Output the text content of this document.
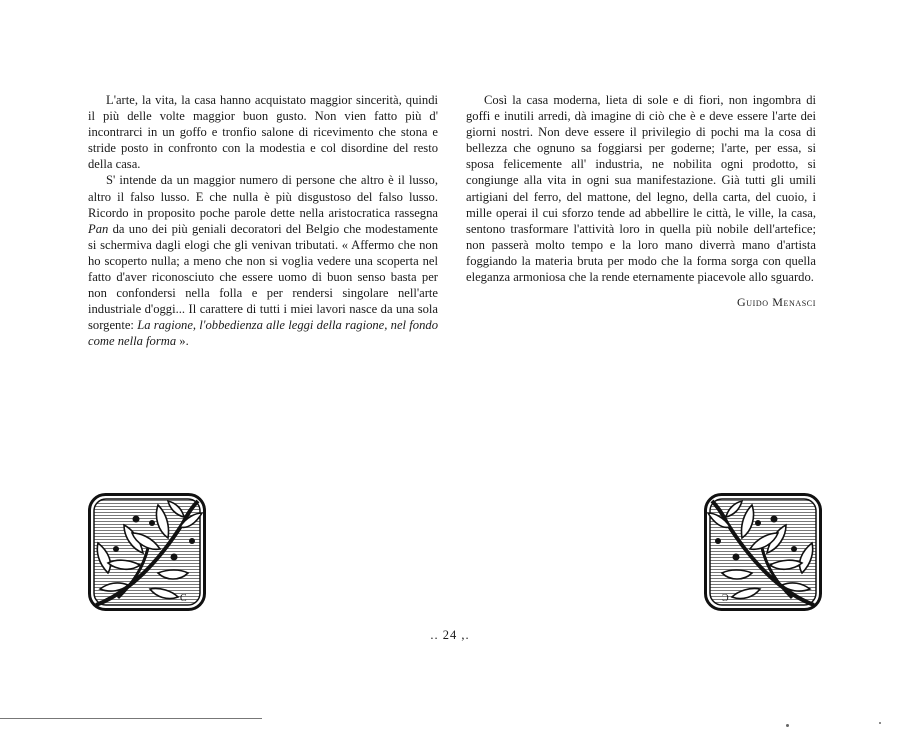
L'arte, la vita, la casa hanno acquistato maggior sincerità, quindi il più delle volte maggior buon gusto. Non vien fatto più d' incontrarci in un goffo e tronfio salone di ricevimento che stona e stride posto in confronto con la modestia e col disordine del resto della casa.

S' intende da un maggior numero di persone che altro è il lusso, altro il falso lusso. E che nulla è più disgustoso del falso lusso. Ricordo in proposito poche parole dette nella aristocratica rassegna Pan da uno dei più geniali decoratori del Belgio che modestamente si schermiva dagli elogi che gli venivan tributati. « Affermo che non ho scoperto nulla; a meno che non si voglia vedere una scoperta nel fatto d'aver riconosciuto che essere uomo di buon senso basta per non confondersi nella folla e per rendersi singolare nell'arte industriale d'oggi... Il carattere di tutti i miei lavori nasce da una sola sorgente: La ragione, l'obbedienza alle leggi della ragione, nel fondo come nella forma ».

Così la casa moderna, lieta di sole e di fiori, non ingombra di goffi e inutili arredi, dà imagine di ciò che è e deve essere l'arte dei giorni nostri. Non deve essere il privilegio di pochi ma la cosa di bellezza che ognuno sa foggiarsi per goderne; l'arte, per essa, si sposa felicemente all' industria, ne nobilita ogni prodotto, si congiunge alla vita in ogni sua manifestazione. Già tutti gli umili artigiani del ferro, del mattone, del legno, della carta, del cuoio, i mille operai il cui sforzo tende ad abbellire le città, le ville, la casa, sentono trasformare l'attività loro in quella più nobile dell'artefice; non passerà molto tempo e la loro mano diverrà mano d'artista foggiando la materia bruta per modo che la forma sorga con quella eleganza armoniosa che la rende eternamente piacevole allo sguardo.

Guido Menasci
C	Ɔ
.. 24 ,.
